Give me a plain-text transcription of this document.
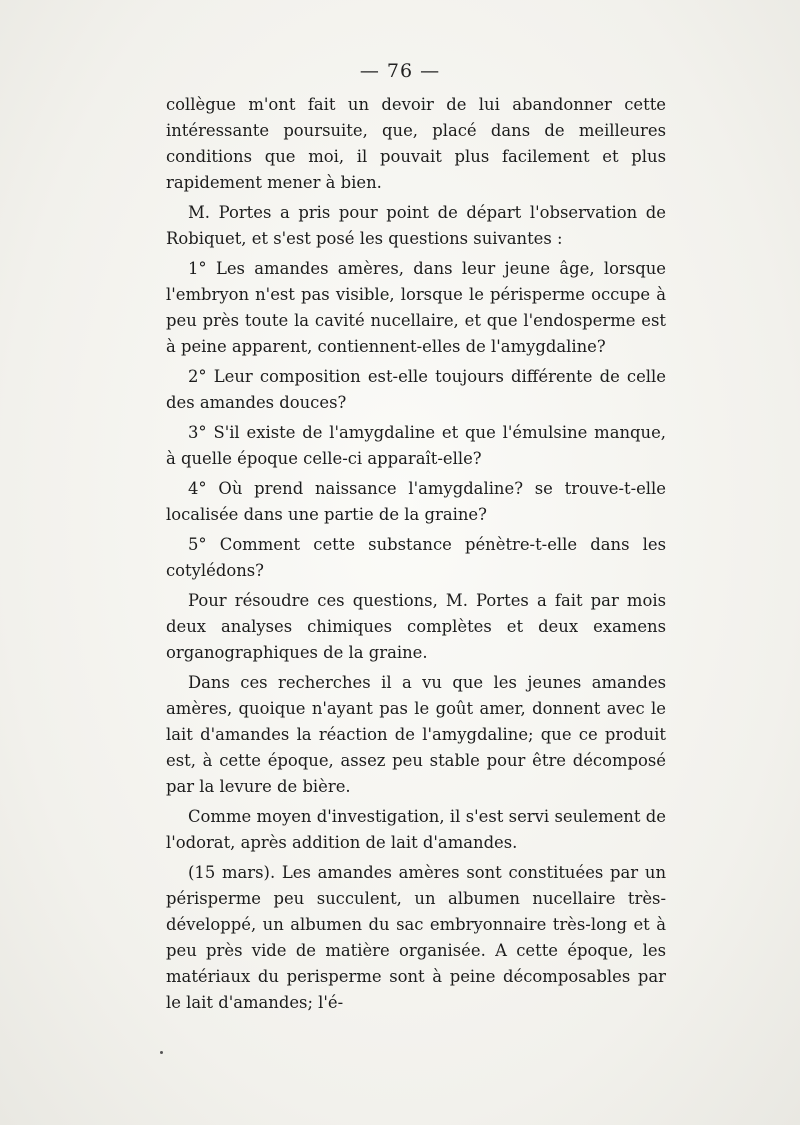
— 76 —

collègue m'ont fait un devoir de lui abandonner cette intéressante poursuite, que, placé dans de meilleures conditions que moi, il pouvait plus facilement et plus rapidement mener à bien.

M. Portes a pris pour point de départ l'observation de Robiquet, et s'est posé les questions suivantes :

1° Les amandes amères, dans leur jeune âge, lorsque l'embryon n'est pas visible, lorsque le périsperme occupe à peu près toute la cavité nucellaire, et que l'endosperme est à peine apparent, contiennent-elles de l'amygdaline?

2° Leur composition est-elle toujours différente de celle des amandes douces?

3° S'il existe de l'amygdaline et que l'émulsine manque, à quelle époque celle-ci apparaît-elle?

4° Où prend naissance l'amygdaline? se trouve-t-elle localisée dans une partie de la graine?

5° Comment cette substance pénètre-t-elle dans les cotylédons?

Pour résoudre ces questions, M. Portes a fait par mois deux analyses chimiques complètes et deux examens organographiques de la graine.

Dans ces recherches il a vu que les jeunes amandes amères, quoique n'ayant pas le goût amer, donnent avec le lait d'amandes la réaction de l'amygdaline; que ce produit est, à cette époque, assez peu stable pour être décomposé par la levure de bière.

Comme moyen d'investigation, il s'est servi seulement de l'odorat, après addition de lait d'amandes.

(15 mars). Les amandes amères sont constituées par un périsperme peu succulent, un albumen nucellaire très-développé, un albumen du sac embryonnaire très-long et à peu près vide de matière organisée. A cette époque, les matériaux du perisperme sont à peine décomposables par le lait d'amandes; l'é-
